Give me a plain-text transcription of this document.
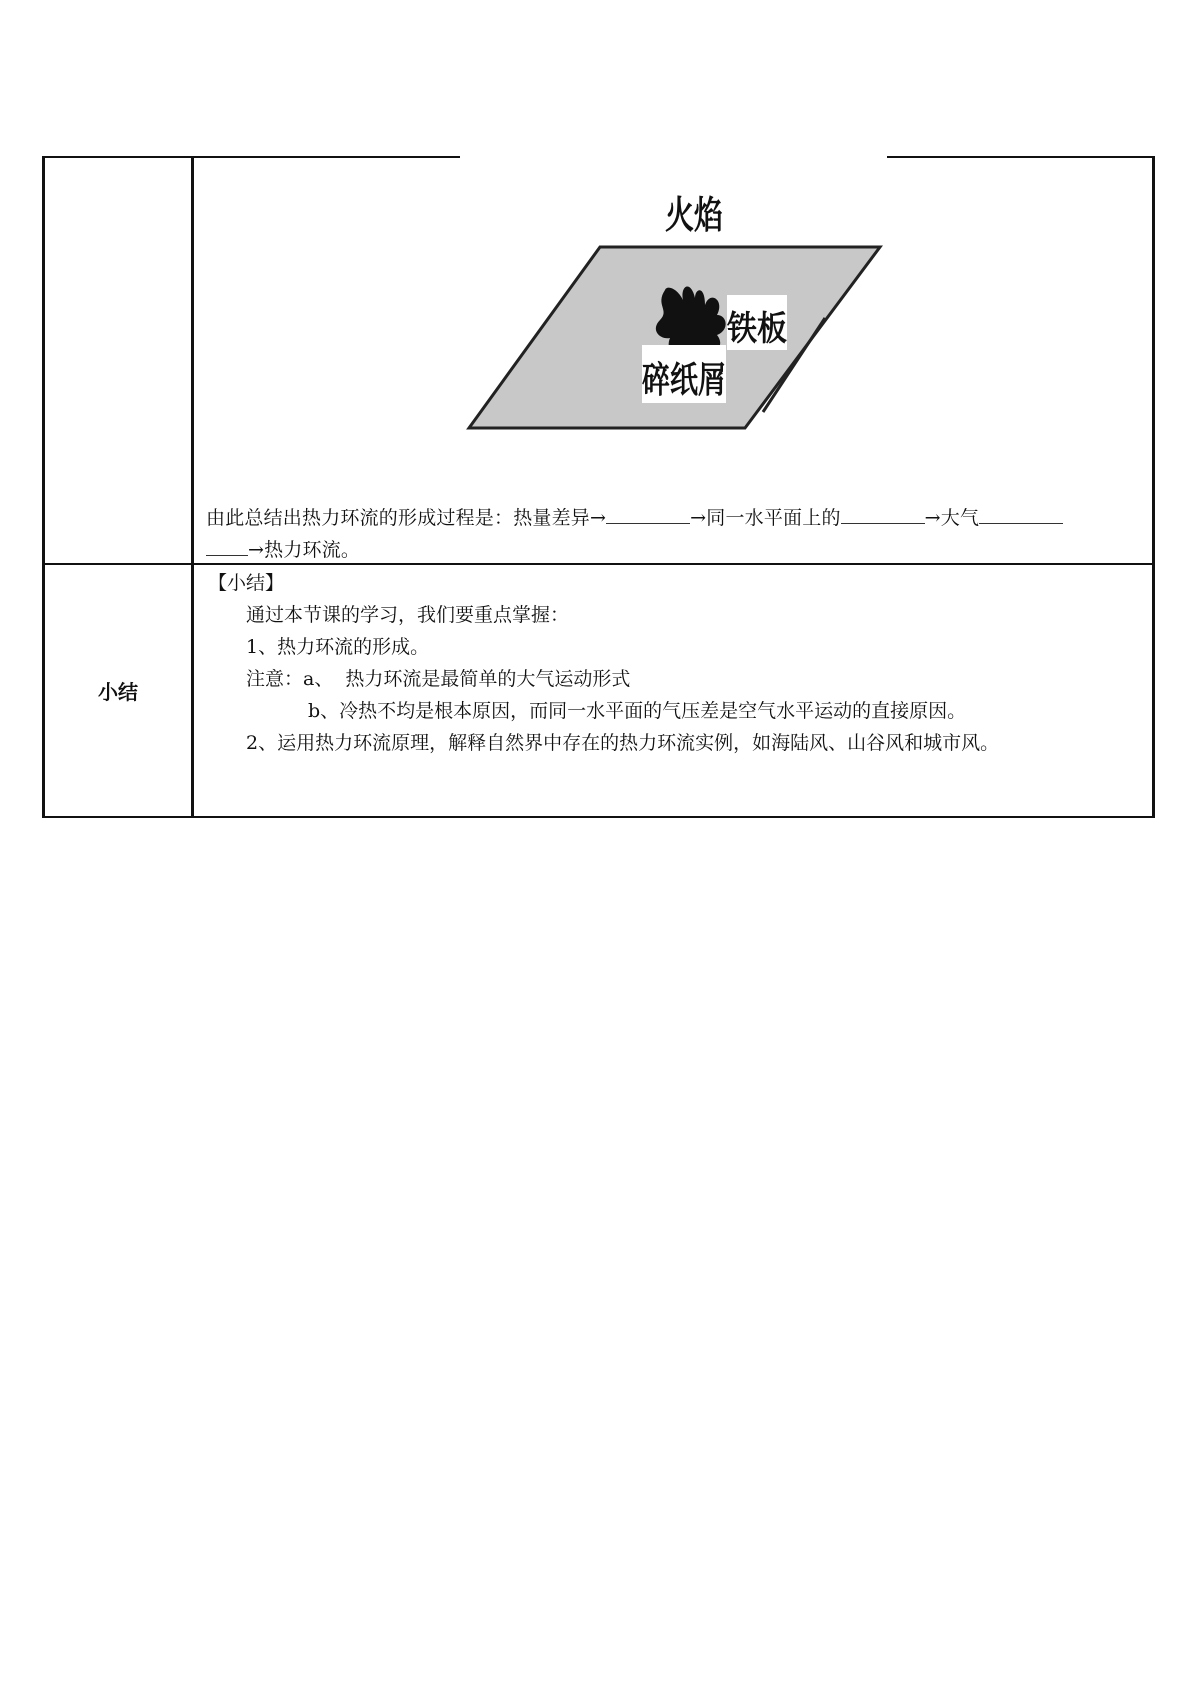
火焰
铁板
碎纸屑
由此总结出热力环流的形成过程是：热量差异→	→同一水平面上的	→大气
→热力环流。
小结
【小结】
通过本节课的学习，我们要重点掌握：
1、热力环流的形成。
注意：a、  热力环流是最简单的大气运动形式
b、冷热不均是根本原因，而同一水平面的气压差是空气水平运动的直接原因。
2、运用热力环流原理，解释自然界中存在的热力环流实例，如海陆风、山谷风和城市风。
